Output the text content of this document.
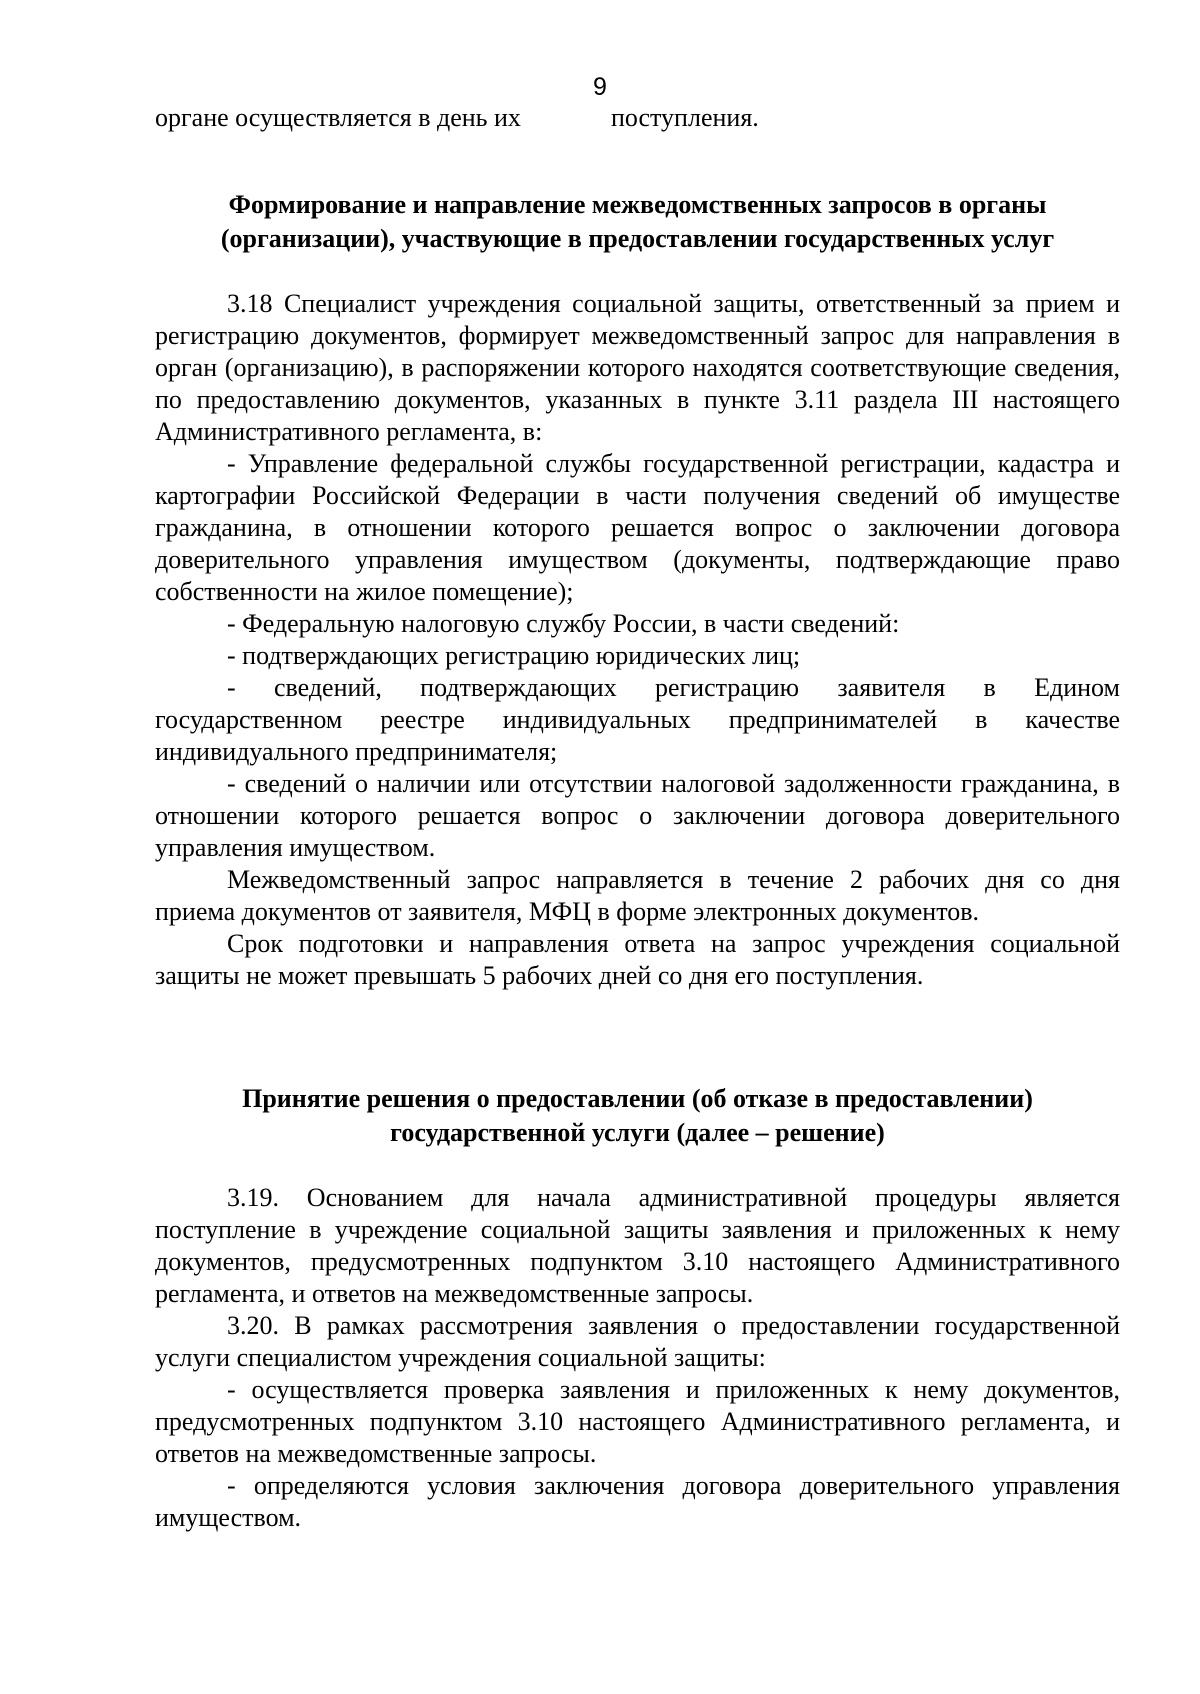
9

органе осуществляется в день их	поступления.

Формирование и направление межведомственных запросов в органы
(организации), участвующие в предоставлении государственных услуг

3.18 Специалист учреждения социальной защиты, ответственный за прием и регистрацию документов, формирует межведомственный запрос для направления в орган (организацию), в распоряжении которого находятся соответствующие сведения, по предоставлению документов, указанных в пункте 3.11 раздела III настоящего Административного регламента, в:

- Управление федеральной службы государственной регистрации, кадастра и картографии Российской Федерации в части получения сведений об имуществе гражданина, в отношении которого решается вопрос о заключении договора доверительного управления имуществом (документы, подтверждающие право собственности на жилое помещение);

- Федеральную налоговую службу России, в части сведений:

- подтверждающих регистрацию юридических лиц;

- сведений, подтверждающих регистрацию заявителя в Едином государственном реестре индивидуальных предпринимателей в качестве индивидуального предпринимателя;

- сведений о наличии или отсутствии налоговой задолженности гражданина, в отношении которого решается вопрос о заключении договора доверительного управления имуществом.

Межведомственный запрос направляется в течение 2 рабочих дня со дня приема документов от заявителя, МФЦ в форме электронных документов.

Срок подготовки и направления ответа на запрос учреждения социальной защиты не может превышать 5 рабочих дней со дня его поступления.

Принятие решения о предоставлении (об отказе в предоставлении)
государственной услуги (далее – решение)

3.19. Основанием для начала административной процедуры является поступление в учреждение социальной защиты заявления и приложенных к нему документов, предусмотренных подпунктом 3.10 настоящего Административного регламента, и ответов на межведомственные запросы.

3.20. В рамках рассмотрения заявления о предоставлении государственной услуги специалистом учреждения социальной защиты:

- осуществляется проверка заявления и приложенных к нему документов, предусмотренных подпунктом 3.10 настоящего Административного регламента, и ответов на межведомственные запросы.

- определяются условия заключения договора доверительного управления имуществом.
